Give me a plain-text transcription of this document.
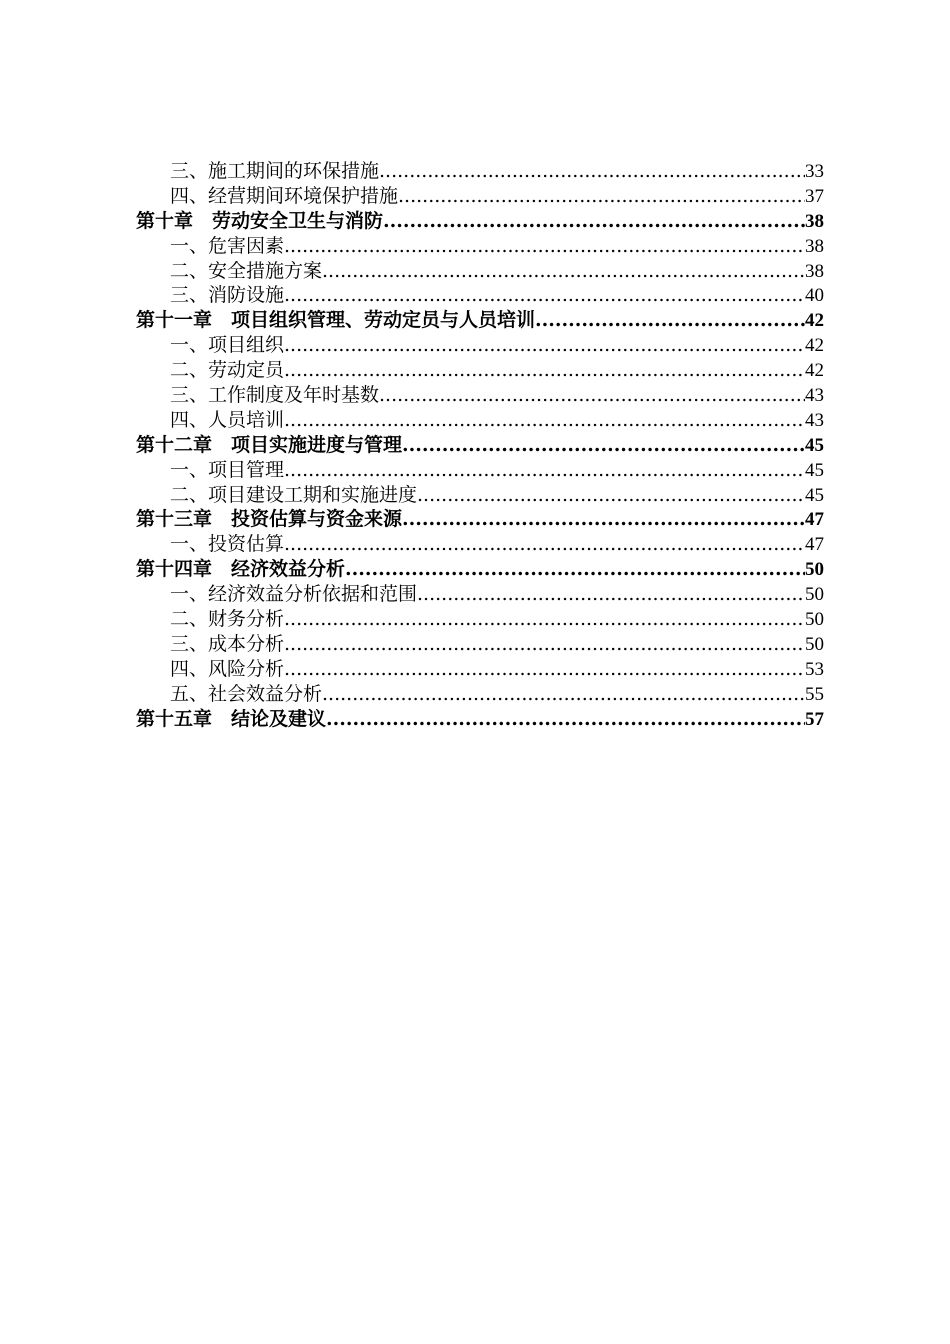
三、施工期间的环保措施 .....	33
四、经营期间环境保护措施 .....	37
第十章　劳动安全卫生与消防 .....	38
一、危害因素 .....	38
二、安全措施方案 .....	38
三、消防设施 .....	40
第十一章　项目组织管理、劳动定员与人员培训 .....	42
一、项目组织 .....	42
二、劳动定员 .....	42
三、工作制度及年时基数 .....	43
四、人员培训 .....	43
第十二章　项目实施进度与管理 .....	45
一、项目管理 .....	45
二、项目建设工期和实施进度 .....	45
第十三章　投资估算与资金来源 .....	47
一、投资估算 .....	47
第十四章　经济效益分析 .....	50
一、经济效益分析依据和范围 .....	50
二、财务分析 .....	50
三、成本分析 .....	50
四、风险分析 .....	53
五、社会效益分析 .....	55
第十五章　结论及建议 .....	57
